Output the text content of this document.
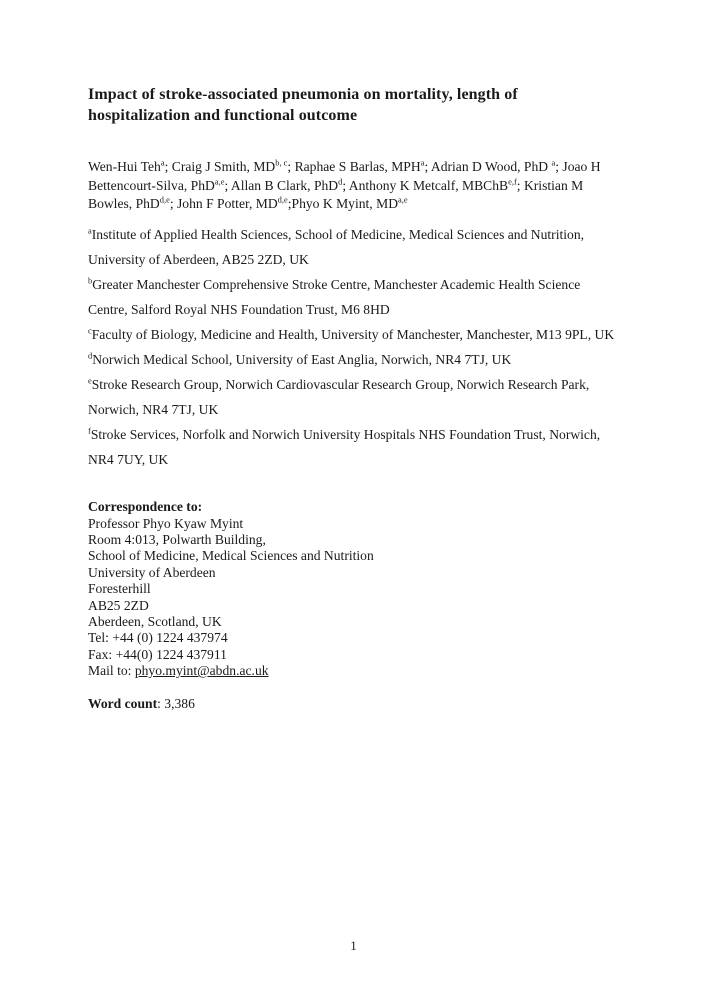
Impact of stroke-associated pneumonia on mortality, length of hospitalization and functional outcome

Wen-Hui Teh$^a$; Craig J Smith, MD$^{b, c}$; Raphae S Barlas, MPH$^a$; Adrian D Wood, PhD $^a$; Joao H Bettencourt-Silva, PhD$^{a,e}$; Allan B Clark, PhD$^d$; Anthony K Metcalf, MBChB$^{e,f}$; Kristian M Bowles, PhD$^{d,e}$; John F Potter, MD$^{d,e}$;Phyo K Myint, MD$^{a,e}$

$^a$Institute of Applied Health Sciences, School of Medicine, Medical Sciences and Nutrition, University of Aberdeen, AB25 2ZD, UK

$^b$Greater Manchester Comprehensive Stroke Centre, Manchester Academic Health Science Centre, Salford Royal NHS Foundation Trust, M6 8HD

$^c$Faculty of Biology, Medicine and Health, University of Manchester, Manchester, M13 9PL, UK

$^d$Norwich Medical School, University of East Anglia, Norwich, NR4 7TJ, UK

$^e$Stroke Research Group, Norwich Cardiovascular Research Group, Norwich Research Park, Norwich, NR4 7TJ, UK

$^f$Stroke Services, Norfolk and Norwich University Hospitals NHS Foundation Trust, Norwich, NR4 7UY, UK

Correspondence to:
Professor Phyo Kyaw Myint
Room 4:013, Polwarth Building,
School of Medicine, Medical Sciences and Nutrition
University of Aberdeen
Foresterhill
AB25 2ZD
Aberdeen, Scotland, UK
Tel: +44 (0) 1224 437974
Fax: +44(0) 1224 437911
Mail to: phyo.myint@abdn.ac.uk

Word count: 3,386

1
